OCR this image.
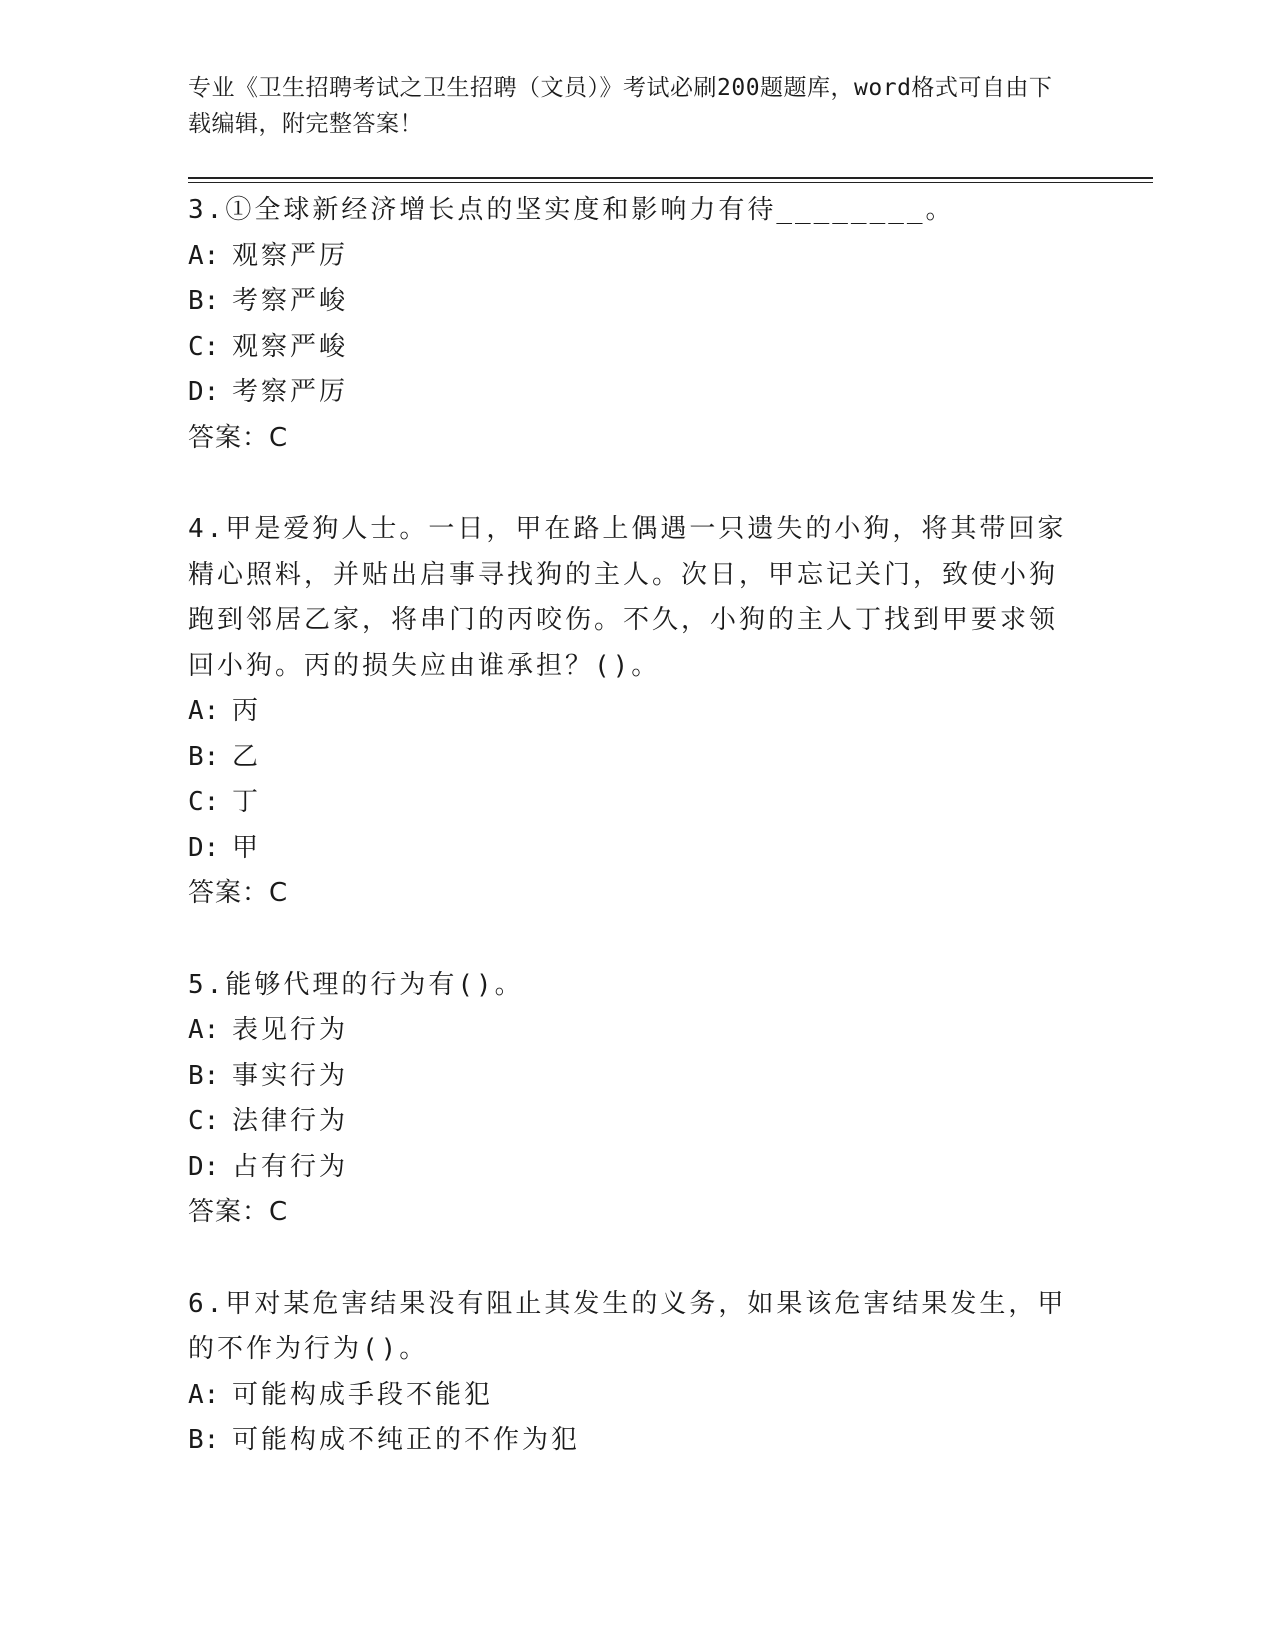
专业《卫生招聘考试之卫生招聘（文员）》考试必刷200题题库，word格式可自由下载编辑，附完整答案！

3.①全球新经济增长点的坚实度和影响力有待________。

A: 观察严厉

B: 考察严峻

C: 观察严峻

D: 考察严厉

答案：C

4.甲是爱狗人士。一日，甲在路上偶遇一只遗失的小狗，将其带回家精心照料，并贴出启事寻找狗的主人。次日，甲忘记关门，致使小狗跑到邻居乙家，将串门的丙咬伤。不久，小狗的主人丁找到甲要求领回小狗。丙的损失应由谁承担？()。

A: 丙

B: 乙

C: 丁

D: 甲

答案：C

5.能够代理的行为有()。

A: 表见行为

B: 事实行为

C: 法律行为

D: 占有行为

答案：C

6.甲对某危害结果没有阻止其发生的义务，如果该危害结果发生，甲的不作为行为()。

A: 可能构成手段不能犯

B: 可能构成不纯正的不作为犯
